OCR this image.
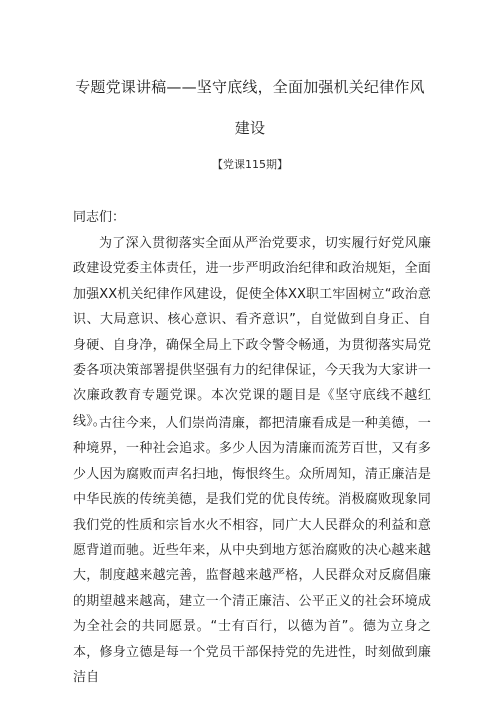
专题党课讲稿——坚守底线，全面加强机关纪律作风
建设
【党课115期】
同志们：
为了深入贯彻落实全面从严治党要求，切实履行好党风廉政建设党委主体责任，进一步严明政治纪律和政治规矩，全面加强XX机关纪律作风建设，促使全体XX职工牢固树立“政治意识、大局意识、核心意识、看齐意识”，自觉做到自身正、自身硬、自身净，确保全局上下政令警令畅通，为贯彻落实局党委各项决策部署提供坚强有力的纪律保证，今天我为大家讲一次廉政教育专题党课。本次党课的题目是《坚守底线不越红线》。
古往今来，人们崇尚清廉，都把清廉看成是一种美德，一种境界，一种社会追求。多少人因为清廉而流芳百世，又有多少人因为腐败而声名扫地，悔恨终生。众所周知，清正廉洁是中华民族的传统美德，是我们党的优良传统。消极腐败现象同我们党的性质和宗旨水火不相容，同广大人民群众的利益和意愿背道而驰。近些年来，从中央到地方惩治腐败的决心越来越大，制度越来越完善，监督越来越严格，人民群众对反腐倡廉的期望越来越高，建立一个清正廉洁、公平正义的社会环境成为全社会的共同愿景。“士有百行，以德为首”。德为立身之本，修身立德是每一个党员干部保持党的先进性，时刻做到廉洁自
